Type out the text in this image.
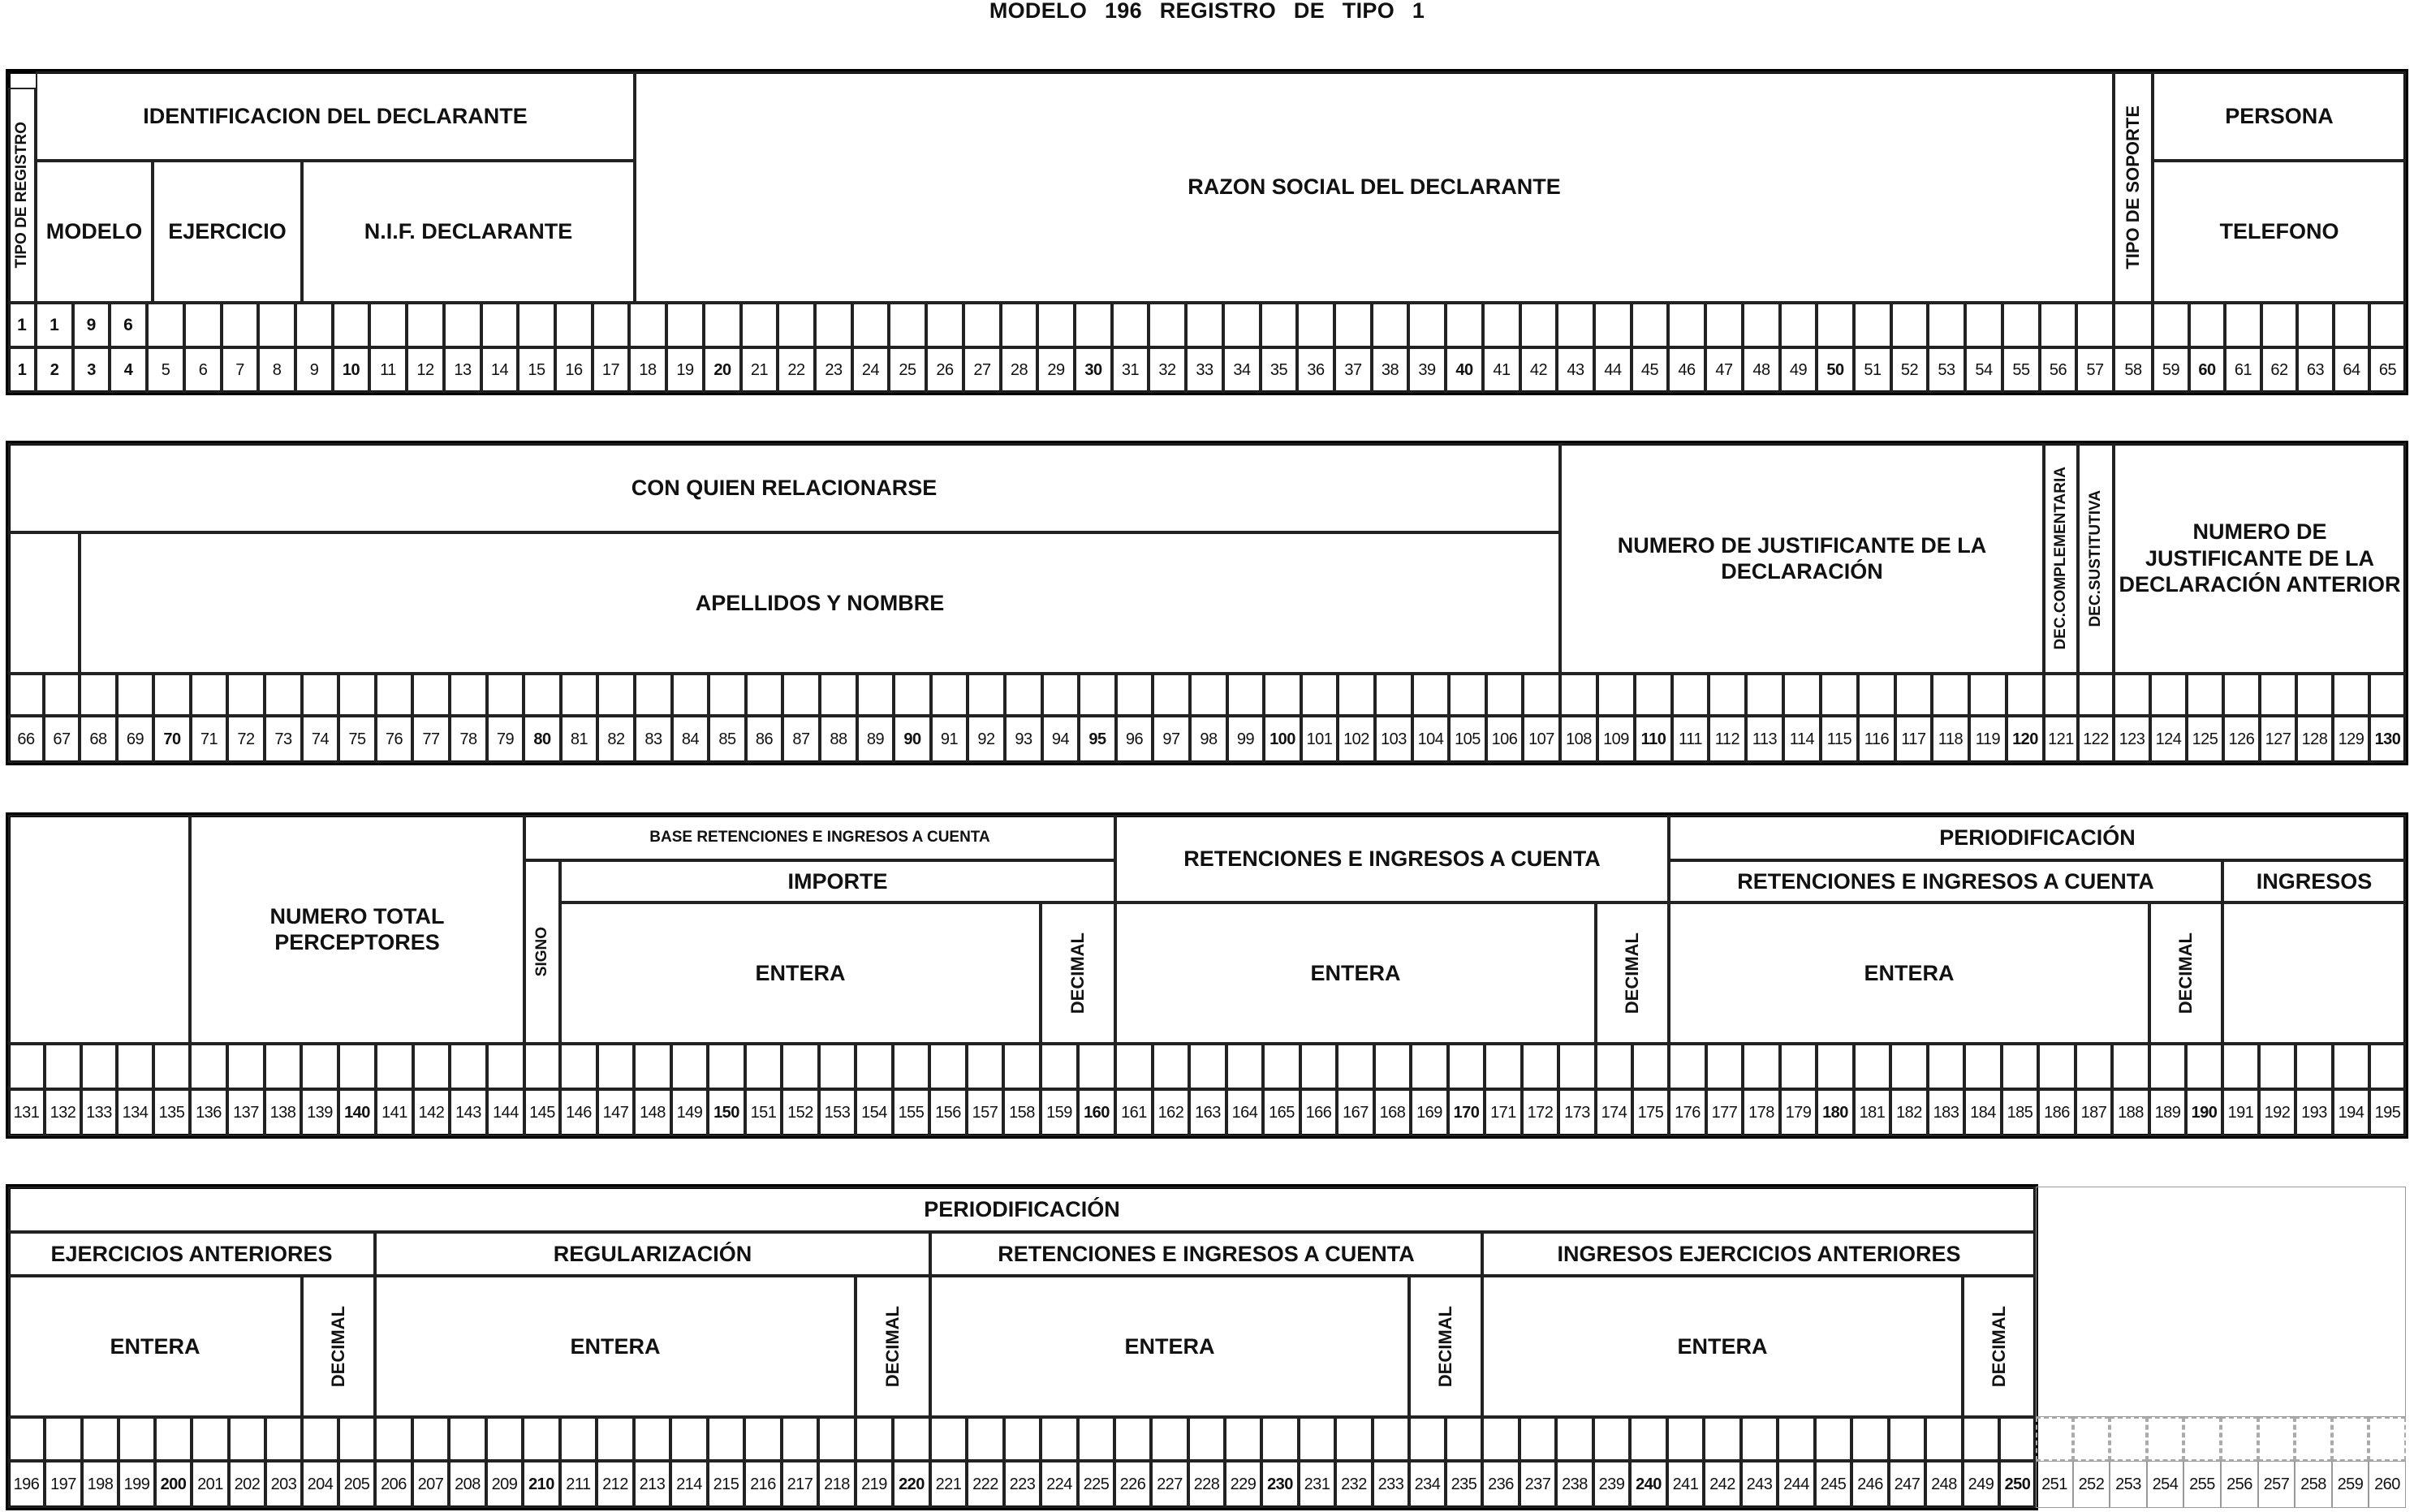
MODELO 196 REGISTRO DE TIPO 1
TIPO DE REGISTRO
IDENTIFICACION DEL DECLARANTE
MODELO	EJERCICIO	N.I.F. DECLARANTE
RAZON SOCIAL DEL DECLARANTE	TIPO DE SOPORTE	PERSONA
TELEFONO
1	1	9	6
1	2	3	4	5	6	7	8	9	10	11	12	13	14	15	16	17	18	19	20	21	22	23	24	25	26	27	28	29	30	31	32	33	34	35	36	37	38	39	40	41	42	43	44	45	46	47	48	49	50	51	52	53	54	55	56	57	58	59	60	61	62	63	64	65
CON QUIEN RELACIONARSE
APELLIDOS Y NOMBRE
NUMERO DE JUSTIFICANTE DE LA DECLARACIÓN	DEC.COMPLEMENTARIA DEC.SUSTITUTIVA	NUMERO DE JUSTIFICANTE DE LA DECLARACIÓN ANTERIOR
66	67	68	69	70	71	72	73	74	75	76	77	78	79	80	81	82	83	84	85	86	87	88	89	90	91	92	93	94	95	96	97	98	99 100 101 102 103 104 105 106 107 108 109 110 111 112 113 114 115 116 117 118 119 120 121 122 123 124 125 126 127 128 129 130
NUMERO TOTAL PERCEPTORES
BASE RETENCIONES E INGRESOS A CUENTA
SIGNO
IMPORTE
ENTERA	DECIMAL
RETENCIONES E INGRESOS A CUENTA
ENTERA	DECIMAL
PERIODIFICACIÓN
RETENCIONES E INGRESOS A CUENTA	INGRESOS
ENTERA	DECIMAL
131 132 133 134 135 136 137 138 139 140 141 142 143 144 145 146 147 148 149 150 151 152 153 154 155 156 157 158 159 160 161 162 163 164 165 166 167 168 169 170 171 172 173 174 175 176 177 178 179 180 181 182 183 184 185 186 187 188 189 190 191 192 193 194 195
PERIODIFICACIÓN
EJERCICIOS ANTERIORES	REGULARIZACIÓN	RETENCIONES E INGRESOS A CUENTA	INGRESOS EJERCICIOS ANTERIORES
ENTERA	DECIMAL	ENTERA	DECIMAL	ENTERA	DECIMAL	ENTERA	DECIMAL
196 197 198 199 200 201 202 203 204 205 206 207 208 209 210 211 212 213 214 215 216 217 218 219 220 221 222 223 224 225 226 227 228 229 230 231 232 233 234 235 236 237 238 239 240 241 242 243 244 245 246 247 248 249 250 251 252 253 254 255 256 257 258 259 260
